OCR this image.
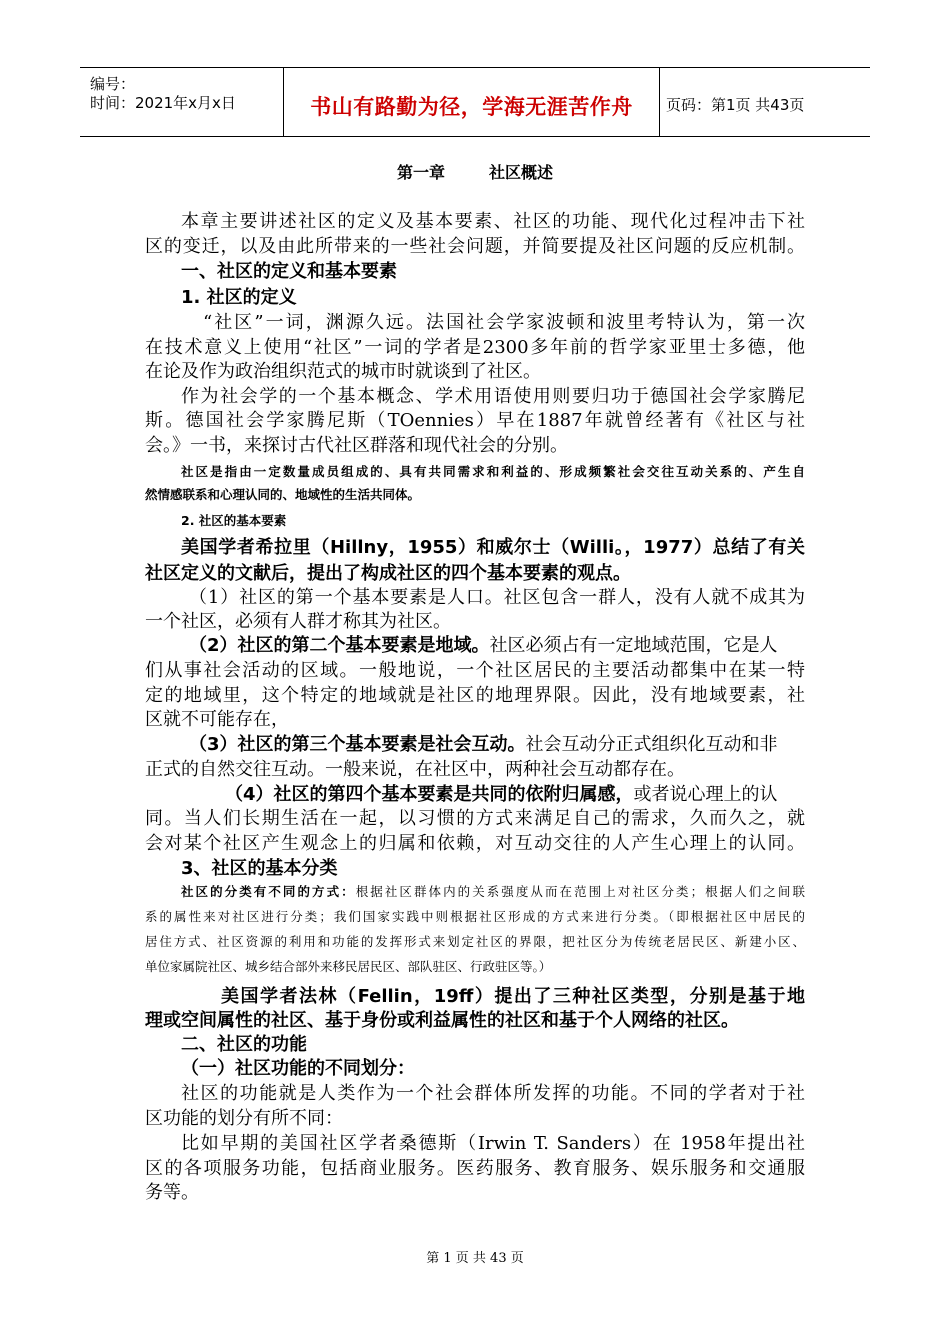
编号：
时间：2021年x月x日	书山有路勤为径，学海无涯苦作舟	页码：第1页 共43页
第一章	社区概述

本章主要讲述社区的定义及基本要素、社区的功能、现代化过程冲击下社

区的变迁，以及由此所带来的一些社会问题，并简要提及社区问题的反应机制。

一、社区的定义和基本要素

1. 社区的定义

“社区”一词，渊源久远。法国社会学家波顿和波里考特认为，第一次

在技术意义上使用“社区”一词的学者是2300多年前的哲学家亚里士多德，他

在论及作为政治组织范式的城市时就谈到了社区。

作为社会学的一个基本概念、学术用语使用则要归功于德国社会学家腾尼

斯。德国社会学家腾尼斯（TOennies）早在1887年就曾经著有《社区与社

会。》一书，来探讨古代社区群落和现代社会的分别。

社区是指由一定数量成员组成的、具有共同需求和利益的、形成频繁社会交往互动关系的、产生自

然情感联系和心理认同的、地域性的生活共同体。

2. 社区的基本要素

美国学者希拉里（Hillny，1955）和威尔士（Willi。，1977）总结了有关

社区定义的文献后，提出了构成社区的四个基本要素的观点。

（1）社区的第一个基本要素是人口。社区包含一群人，没有人就不成其为

一个社区，必须有人群才称其为社区。

（2）社区的第二个基本要素是地域。社区必须占有一定地域范围，它是人

们从事社会活动的区域。一般地说，一个社区居民的主要活动都集中在某一特

定的地域里，这个特定的地域就是社区的地理界限。因此，没有地域要素，社

区就不可能存在，

（3）社区的第三个基本要素是社会互动。社会互动分正式组织化互动和非

正式的自然交往互动。一般来说，在社区中，两种社会互动都存在。

（4）社区的第四个基本要素是共同的依附归属感，或者说心理上的认

同。当人们长期生活在一起，以习惯的方式来满足自己的需求，久而久之，就

会对某个社区产生观念上的归属和依赖，对互动交往的人产生心理上的认同。

3、社区的基本分类

社区的分类有不同的方式：根据社区群体内的关系强度从而在范围上对社区分类；根据人们之间联

系的属性来对社区进行分类；我们国家实践中则根据社区形成的方式来进行分类。（即根据社区中居民的

居住方式、社区资源的利用和功能的发挥形式来划定社区的界限，把社区分为传统老居民区、新建小区、

单位家属院社区、城乡结合部外来移民居民区、部队驻区、行政驻区等。）

美国学者法林（Fellin，19ff）提出了三种社区类型，分别是基于地

理或空间属性的社区、基于身份或利益属性的社区和基于个人网络的社区。

二、社区的功能

（一）社区功能的不同划分：

社区的功能就是人类作为一个社会群体所发挥的功能。不同的学者对于社

区功能的划分有所不同：

比如早期的美国社区学者桑德斯（Irwin T. Sanders）在 1958年提出社

区的各项服务功能，包括商业服务。医药服务、教育服务、娱乐服务和交通服

务等。

第 1 页 共 43 页
